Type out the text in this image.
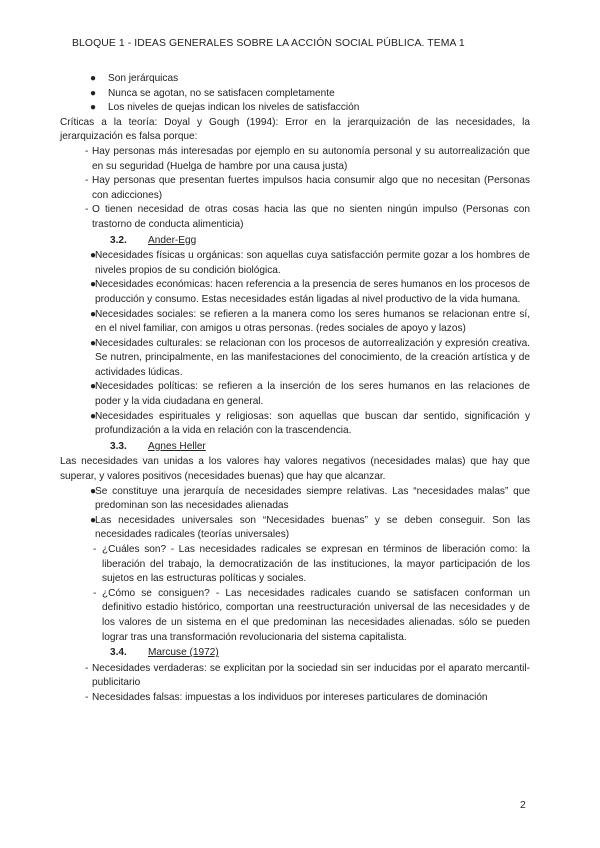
BLOQUE 1 - IDEAS GENERALES SOBRE LA ACCIÓN SOCIAL PÚBLICA. TEMA 1
● Son jerárquicas
● Nunca se agotan, no se satisfacen completamente
● Los niveles de quejas indican los niveles de satisfacción
Críticas a la teoría: Doyal y Gough (1994): Error en la jerarquización de las necesidades, la jerarquización es falsa porque:
- Hay personas más interesadas por ejemplo en su autonomía personal y su autorrealización que en su seguridad (Huelga de hambre por una causa justa)
- Hay personas que presentan fuertes impulsos hacia consumir algo que no necesitan (Personas con adicciones)
- O tienen necesidad de otras cosas hacia las que no sienten ningún impulso (Personas con trastorno de conducta alimenticia)
3.2. Ander-Egg
●
Necesidades físicas u orgánicas: son aquellas cuya satisfacción permite gozar a los hombres de niveles propios de su condición biológica.
●
Necesidades económicas: hacen referencia a la presencia de seres humanos en los procesos de producción y consumo. Estas necesidades están ligadas al nivel productivo de la vida humana.
●
Necesidades sociales: se refieren a la manera como los seres humanos se relacionan entre sí, en el nivel familiar, con amigos u otras personas. (redes sociales de apoyo y lazos)
●
Necesidades culturales: se relacionan con los procesos de autorrealización y expresión creativa. Se nutren, principalmente, en las manifestaciones del conocimiento, de la creación artística y de actividades lúdicas.
●
Necesidades políticas: se refieren a la inserción de los seres humanos en las relaciones de poder y la vida ciudadana en general.
●
Necesidades espirituales y religiosas: son aquellas que buscan dar sentido, significación y profundización a la vida en relación con la trascendencia.
3.3. Agnes Heller
Las necesidades van unidas a los valores hay valores negativos (necesidades malas) que hay que superar, y valores positivos (necesidades buenas) que hay que alcanzar.
●
Se constituye una jerarquía de necesidades siempre relativas. Las “necesidades malas” que predominan son las necesidades alienadas
●
Las necesidades universales son “Necesidades buenas” y se deben conseguir. Son las necesidades radicales (teorías universales)
- ¿Cuáles son? - Las necesidades radicales se expresan en términos de liberación como: la liberación del trabajo, la democratización de las instituciones, la mayor participación de los sujetos en las estructuras políticas y sociales.
- ¿Cómo se consiguen? - Las necesidades radicales cuando se satisfacen conforman un definitivo estadio histórico, comportan una reestructuración universal de las necesidades y de los valores de un sistema en el que predominan las necesidades alienadas. sólo se pueden lograr tras una transformación revolucionaria del sistema capitalista.
3.4. Marcuse (1972)
- Necesidades verdaderas: se explicitan por la sociedad sin ser inducidas por el aparato mercantil-publicitario
- Necesidades falsas: impuestas a los individuos por intereses particulares de dominación
2
